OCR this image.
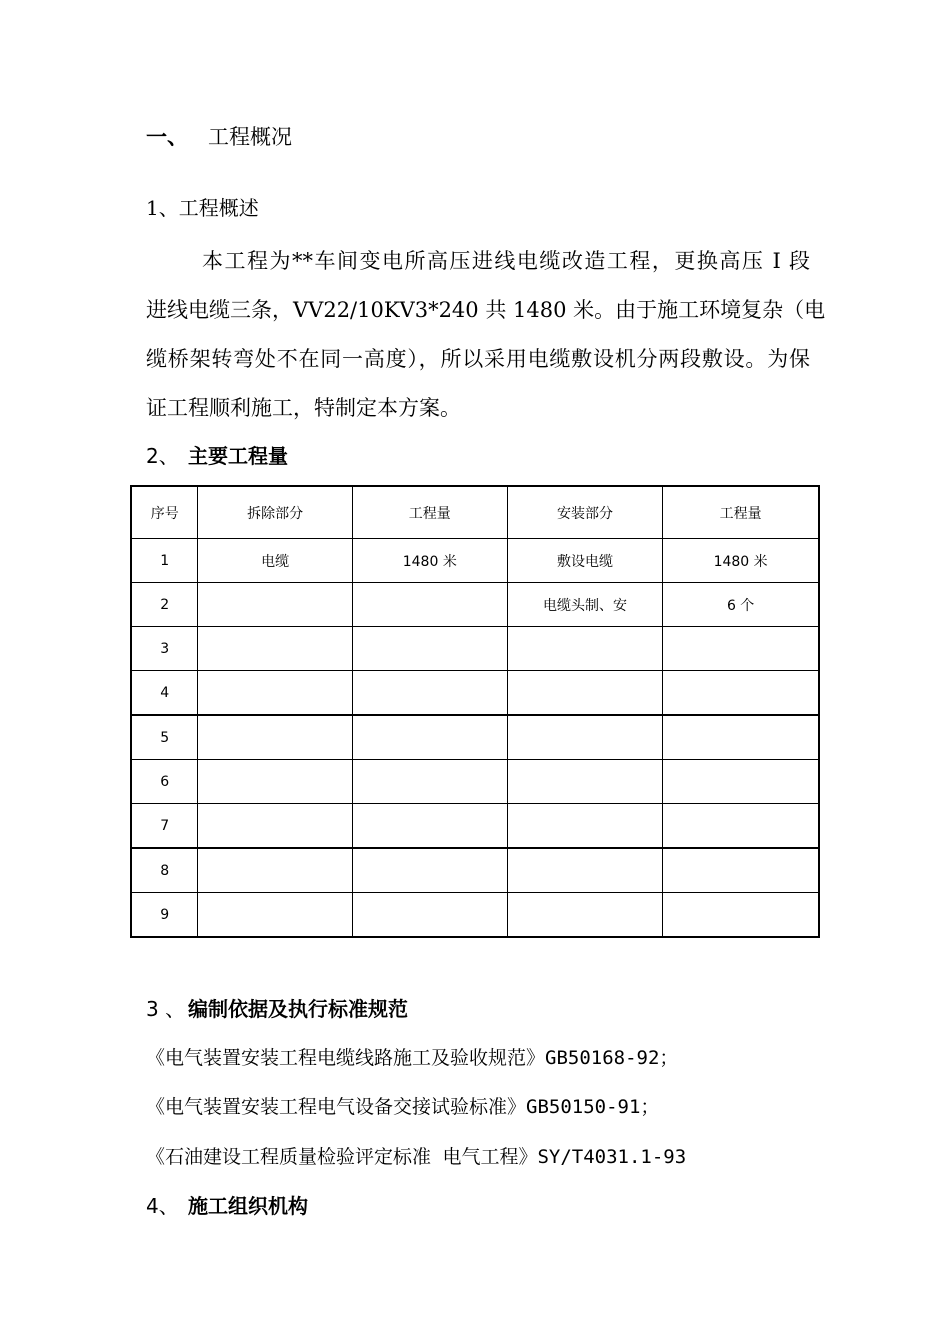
一、 工程概况
1、工程概述
本工程为**车间变电所高压进线电缆改造工程，更换高压 I 段
进线电缆三条，VV22/10KV3*240 共 1480 米。由于施工环境复杂（电
缆桥架转弯处不在同一高度），所以采用电缆敷设机分两段敷设。为保
证工程顺利施工，特制定本方案。
2、 主要工程量
序号	拆除部分	工程量	安装部分	工程量
1	电缆	1480 米	敷设电缆	1480 米
2			电缆头制、安	6 个
3				
4				
5				
6				
7				
8				
9				
3 、 编制依据及执行标准规范
《电气装置安装工程电缆线路施工及验收规范》GB50168-92；
《电气装置安装工程电气设备交接试验标准》GB50150-91；
《石油建设工程质量检验评定标准 电气工程》SY/T4031.1-93
4、 施工组织机构
